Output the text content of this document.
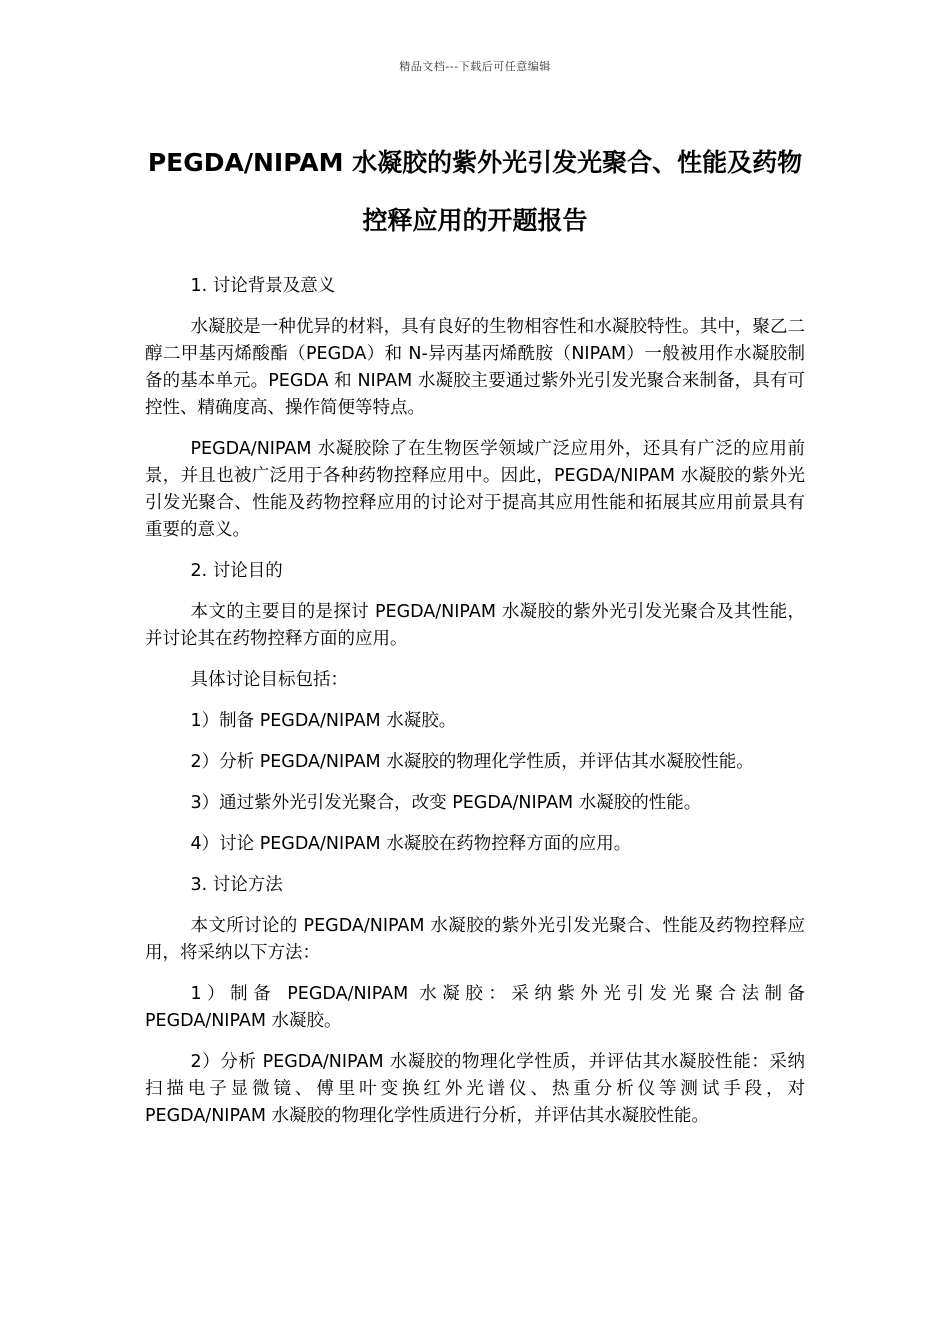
精品文档---下载后可任意编辑
PEGDA/NIPAM 水凝胶的紫外光引发光聚合、性能及药物控释应用的开题报告

1. 讨论背景及意义

水凝胶是一种优异的材料，具有良好的生物相容性和水凝胶特性。其中，聚乙二醇二甲基丙烯酸酯（PEGDA）和 N-异丙基丙烯酰胺（NIPAM）一般被用作水凝胶制备的基本单元。PEGDA 和 NIPAM 水凝胶主要通过紫外光引发光聚合来制备，具有可控性、精确度高、操作简便等特点。

PEGDA/NIPAM 水凝胶除了在生物医学领域广泛应用外，还具有广泛的应用前景，并且也被广泛用于各种药物控释应用中。因此，PEGDA/NIPAM 水凝胶的紫外光引发光聚合、性能及药物控释应用的讨论对于提高其应用性能和拓展其应用前景具有重要的意义。

2. 讨论目的

本文的主要目的是探讨 PEGDA/NIPAM 水凝胶的紫外光引发光聚合及其性能，并讨论其在药物控释方面的应用。

具体讨论目标包括：

1）制备 PEGDA/NIPAM 水凝胶。

2）分析 PEGDA/NIPAM 水凝胶的物理化学性质，并评估其水凝胶性能。

3）通过紫外光引发光聚合，改变 PEGDA/NIPAM 水凝胶的性能。

4）讨论 PEGDA/NIPAM 水凝胶在药物控释方面的应用。

3. 讨论方法

本文所讨论的 PEGDA/NIPAM 水凝胶的紫外光引发光聚合、性能及药物控释应用，将采纳以下方法：

1）制备 PEGDA/NIPAM 水凝胶：采纳紫外光引发光聚合法制备 PEGDA/NIPAM 水凝胶。

2）分析 PEGDA/NIPAM 水凝胶的物理化学性质，并评估其水凝胶性能：采纳扫描电子显微镜、傅里叶变换红外光谱仪、热重分析仪等测试手段，对 PEGDA/NIPAM 水凝胶的物理化学性质进行分析，并评估其水凝胶性能。
